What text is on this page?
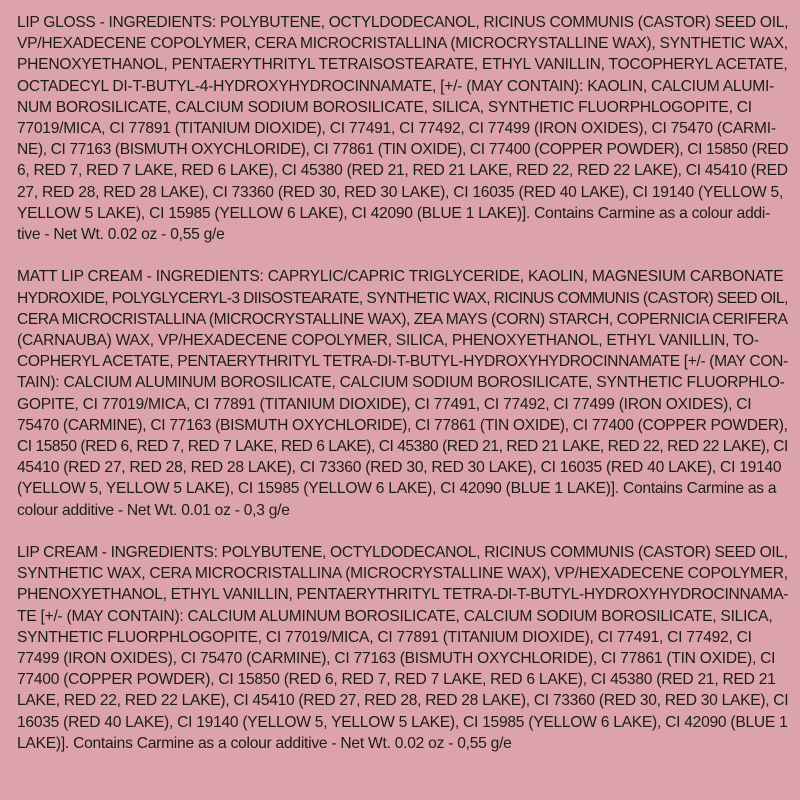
LIP GLOSS - INGREDIENTS: POLYBUTENE, OCTYLDODECANOL, RICINUS COMMUNIS (CASTOR) SEED OIL,
VP/HEXADECENE COPOLYMER, CERA MICROCRISTALLINA (MICROCRYSTALLINE WAX), SYNTHETIC WAX,
PHENOXYETHANOL, PENTAERYTHRITYL TETRAISOSTEARATE, ETHYL VANILLIN, TOCOPHERYL ACETATE,
OCTADECYL DI-T-BUTYL-4-HYDROXYHYDROCINNAMATE, [+/- (MAY CONTAIN): KAOLIN, CALCIUM ALUMI-
NUM BOROSILICATE, CALCIUM SODIUM BOROSILICATE, SILICA, SYNTHETIC FLUORPHLOGOPITE, CI
77019/MICA, CI 77891 (TITANIUM DIOXIDE), CI 77491, CI 77492, CI 77499 (IRON OXIDES), CI 75470 (CARMI-
NE), CI 77163 (BISMUTH OXYCHLORIDE), CI 77861 (TIN OXIDE), CI 77400 (COPPER POWDER), CI 15850 (RED
6, RED 7, RED 7 LAKE, RED 6 LAKE), CI 45380 (RED 21, RED 21 LAKE, RED 22, RED 22 LAKE), CI 45410 (RED
27, RED 28, RED 28 LAKE), CI 73360 (RED 30, RED 30 LAKE), CI 16035 (RED 40 LAKE), CI 19140 (YELLOW 5,
YELLOW 5 LAKE), CI 15985 (YELLOW 6 LAKE), CI 42090 (BLUE 1 LAKE)]. Contains Carmine as a colour addi-
tive - Net Wt. 0.02 oz - 0,55 g/e
MATT LIP CREAM - INGREDIENTS: CAPRYLIC/CAPRIC TRIGLYCERIDE, KAOLIN, MAGNESIUM CARBONATE
HYDROXIDE, POLYGLYCERYL-3 DIISOSTEARATE, SYNTHETIC WAX, RICINUS COMMUNIS (CASTOR) SEED OIL,
CERA MICROCRISTALLINA (MICROCRYSTALLINE WAX), ZEA MAYS (CORN) STARCH, COPERNICIA CERIFERA
(CARNAUBA) WAX, VP/HEXADECENE COPOLYMER, SILICA, PHENOXYETHANOL, ETHYL VANILLIN, TO-
COPHERYL ACETATE, PENTAERYTHRITYL TETRA-DI-T-BUTYL-HYDROXYHYDROCINNAMATE [+/- (MAY CON-
TAIN): CALCIUM ALUMINUM BOROSILICATE, CALCIUM SODIUM BOROSILICATE, SYNTHETIC FLUORPHLO-
GOPITE, CI 77019/MICA, CI 77891 (TITANIUM DIOXIDE), CI 77491, CI 77492, CI 77499 (IRON OXIDES), CI
75470 (CARMINE), CI 77163 (BISMUTH OXYCHLORIDE), CI 77861 (TIN OXIDE), CI 77400 (COPPER POWDER),
CI 15850 (RED 6, RED 7, RED 7 LAKE, RED 6 LAKE), CI 45380 (RED 21, RED 21 LAKE, RED 22, RED 22 LAKE), CI
45410 (RED 27, RED 28, RED 28 LAKE), CI 73360 (RED 30, RED 30 LAKE), CI 16035 (RED 40 LAKE), CI 19140
(YELLOW 5, YELLOW 5 LAKE), CI 15985 (YELLOW 6 LAKE), CI 42090 (BLUE 1 LAKE)]. Contains Carmine as a
colour additive - Net Wt. 0.01 oz - 0,3 g/e
LIP CREAM - INGREDIENTS: POLYBUTENE, OCTYLDODECANOL, RICINUS COMMUNIS (CASTOR) SEED OIL,
SYNTHETIC WAX, CERA MICROCRISTALLINA (MICROCRYSTALLINE WAX), VP/HEXADECENE COPOLYMER,
PHENOXYETHANOL, ETHYL VANILLIN, PENTAERYTHRITYL TETRA-DI-T-BUTYL-HYDROXYHYDROCINNAMA-
TE [+/- (MAY CONTAIN): CALCIUM ALUMINUM BOROSILICATE, CALCIUM SODIUM BOROSILICATE, SILICA,
SYNTHETIC FLUORPHLOGOPITE, CI 77019/MICA, CI 77891 (TITANIUM DIOXIDE), CI 77491, CI 77492, CI
77499 (IRON OXIDES), CI 75470 (CARMINE), CI 77163 (BISMUTH OXYCHLORIDE), CI 77861 (TIN OXIDE), CI
77400 (COPPER POWDER), CI 15850 (RED 6, RED 7, RED 7 LAKE, RED 6 LAKE), CI 45380 (RED 21, RED 21
LAKE, RED 22, RED 22 LAKE), CI 45410 (RED 27, RED 28, RED 28 LAKE), CI 73360 (RED 30, RED 30 LAKE), CI
16035 (RED 40 LAKE), CI 19140 (YELLOW 5, YELLOW 5 LAKE), CI 15985 (YELLOW 6 LAKE), CI 42090 (BLUE 1
LAKE)]. Contains Carmine as a colour additive - Net Wt. 0.02 oz - 0,55 g/e
